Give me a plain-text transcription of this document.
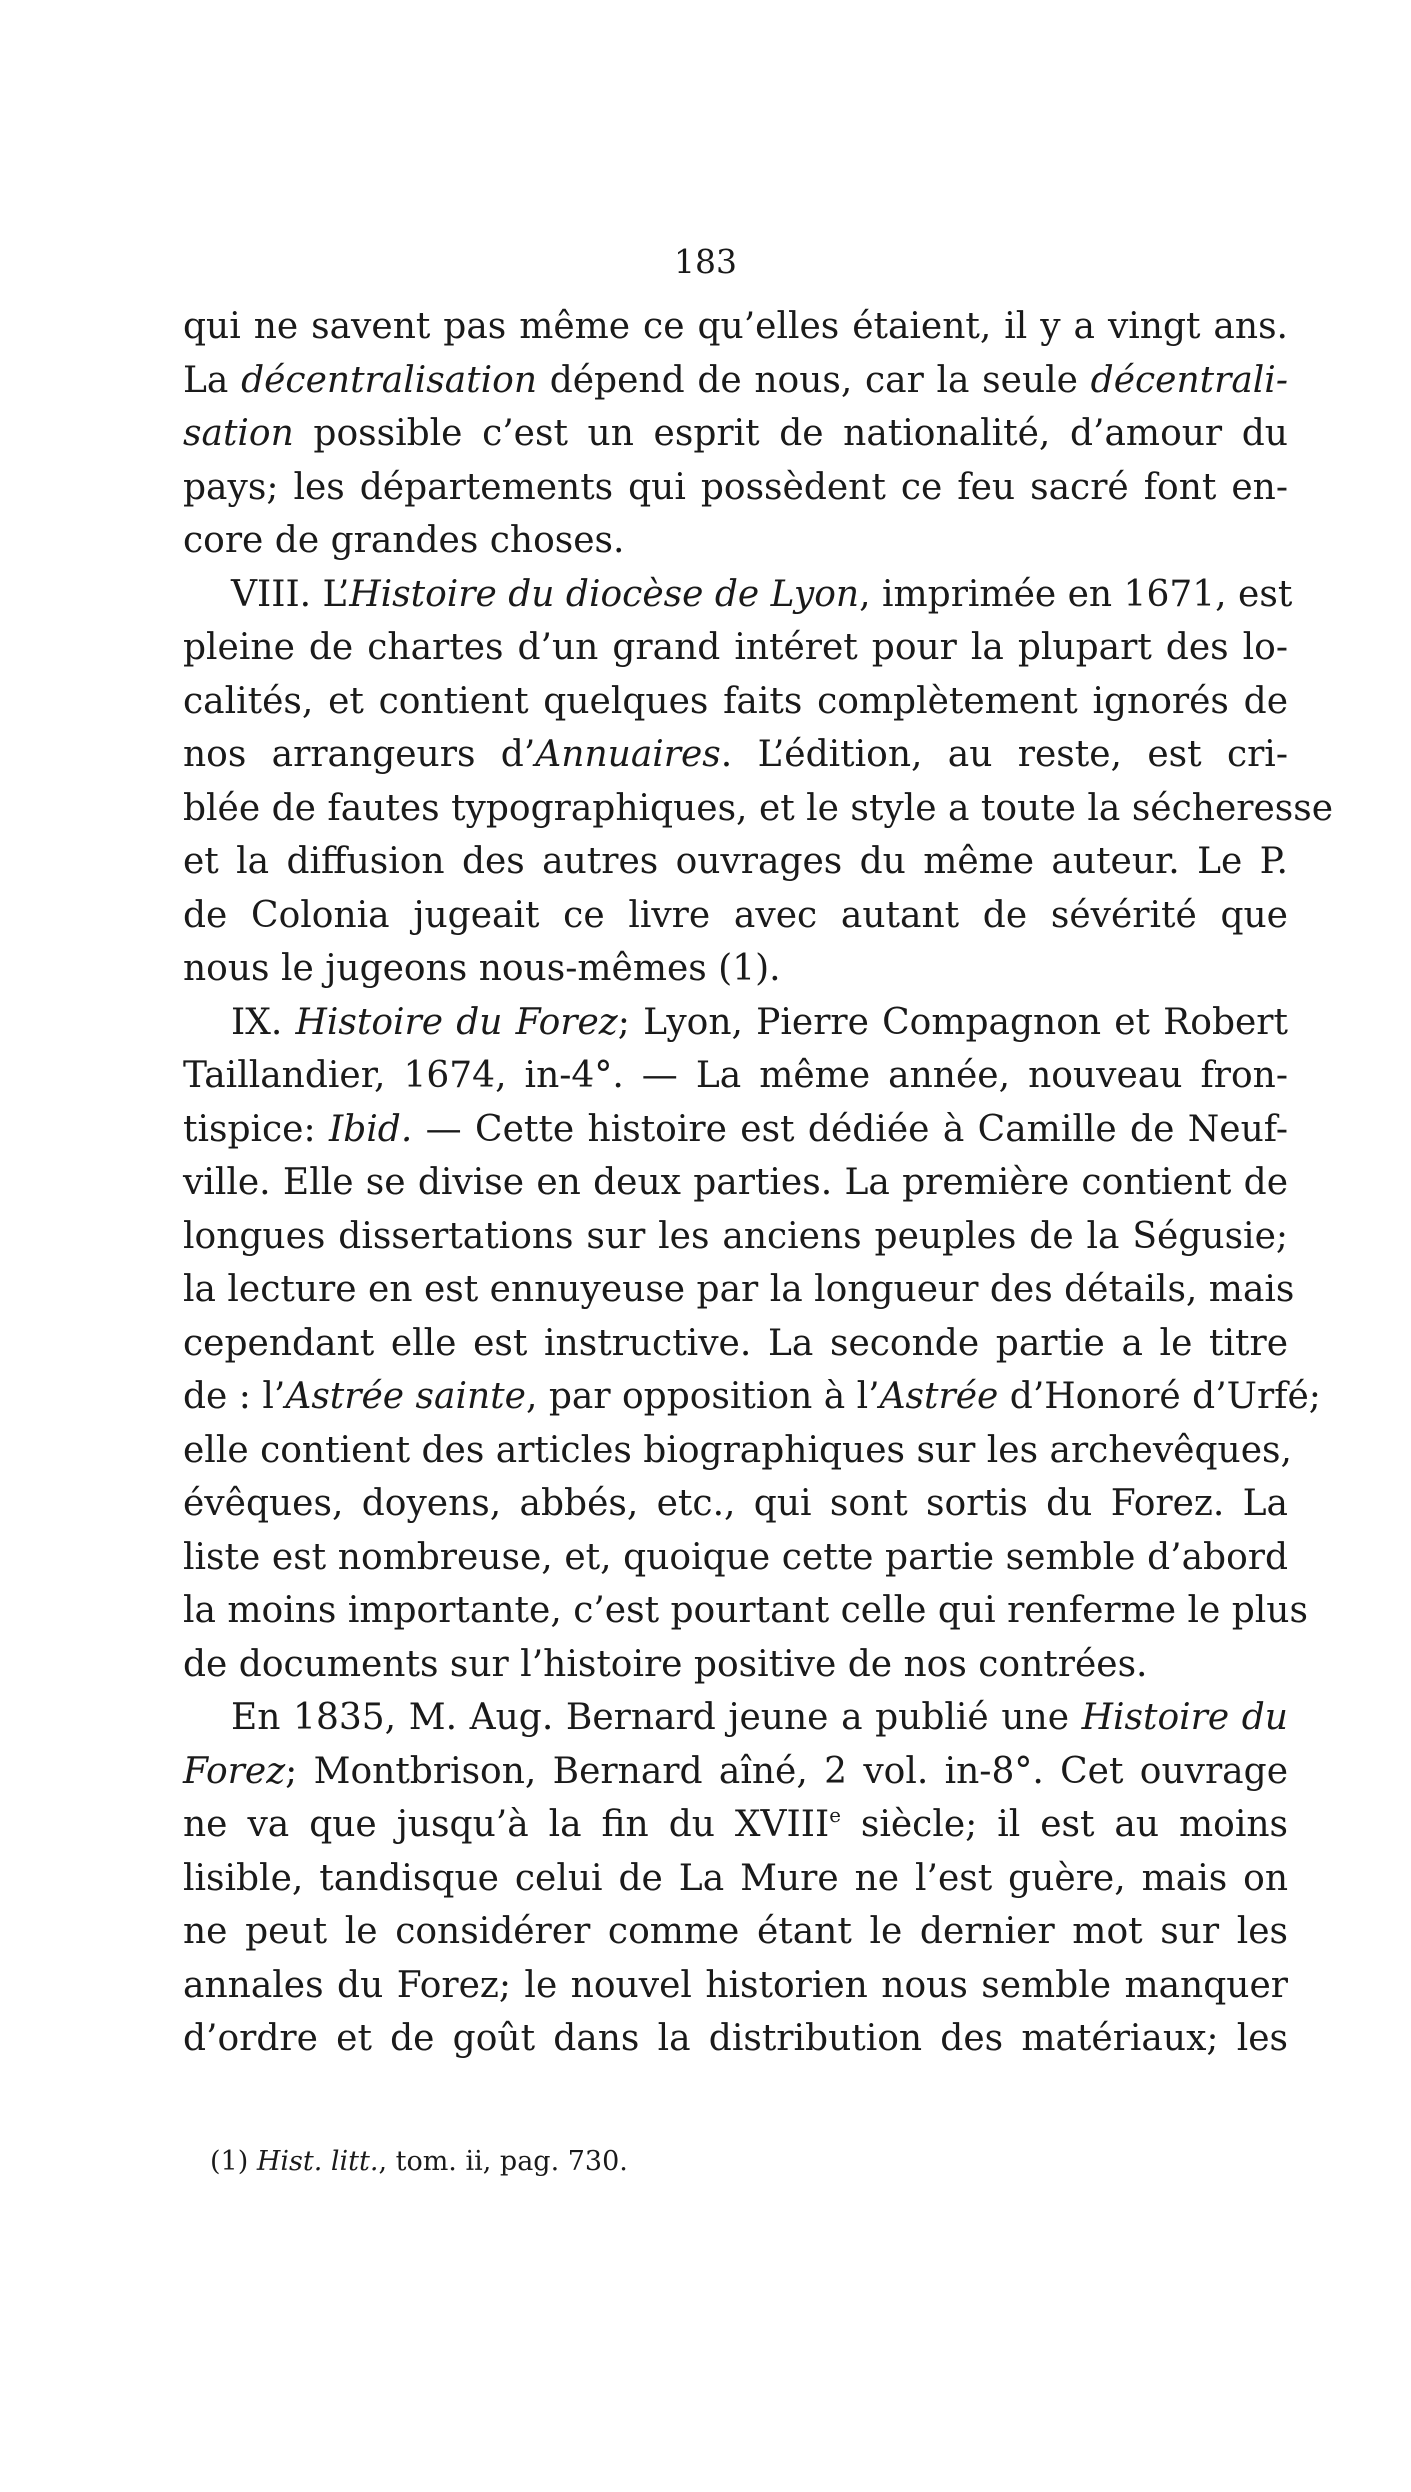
183
qui ne savent pas même ce qu’elles étaient, il y a vingt ans.
La décentralisation dépend de nous, car la seule décentrali-
sation possible c’est un esprit de nationalité, d’amour du
pays; les départements qui possèdent ce feu sacré font en-
core de grandes choses.
VIII. L’Histoire du diocèse de Lyon, imprimée en 1671, est
pleine de chartes d’un grand intéret pour la plupart des lo-
calités, et contient quelques faits complètement ignorés de
nos arrangeurs d’Annuaires. L’édition, au reste, est cri-
blée de fautes typographiques, et le style a toute la sécheresse
et la diffusion des autres ouvrages du même auteur. Le P.
de Colonia jugeait ce livre avec autant de sévérité que
nous le jugeons nous-mêmes (1).
IX. Histoire du Forez; Lyon, Pierre Compagnon et Robert
Taillandier, 1674, in-4°. — La même année, nouveau fron-
tispice: Ibid. — Cette histoire est dédiée à Camille de Neuf-
ville. Elle se divise en deux parties. La première contient de
longues dissertations sur les anciens peuples de la Ségusie;
la lecture en est ennuyeuse par la longueur des détails, mais
cependant elle est instructive. La seconde partie a le titre
de : l’Astrée sainte, par opposition à l’Astrée d’Honoré d’Urfé;
elle contient des articles biographiques sur les archevêques,
évêques, doyens, abbés, etc., qui sont sortis du Forez. La
liste est nombreuse, et, quoique cette partie semble d’abord
la moins importante, c’est pourtant celle qui renferme le plus
de documents sur l’histoire positive de nos contrées.
En 1835, M. Aug. Bernard jeune a publié une Histoire du
Forez; Montbrison, Bernard aîné, 2 vol. in-8°. Cet ouvrage
ne va que jusqu’à la fin du XVIIIe siècle; il est au moins
lisible, tandisque celui de La Mure ne l’est guère, mais on
ne peut le considérer comme étant le dernier mot sur les
annales du Forez; le nouvel historien nous semble manquer
d’ordre et de goût dans la distribution des matériaux; les
(1) Hist. litt., tom. ii, pag. 730.
